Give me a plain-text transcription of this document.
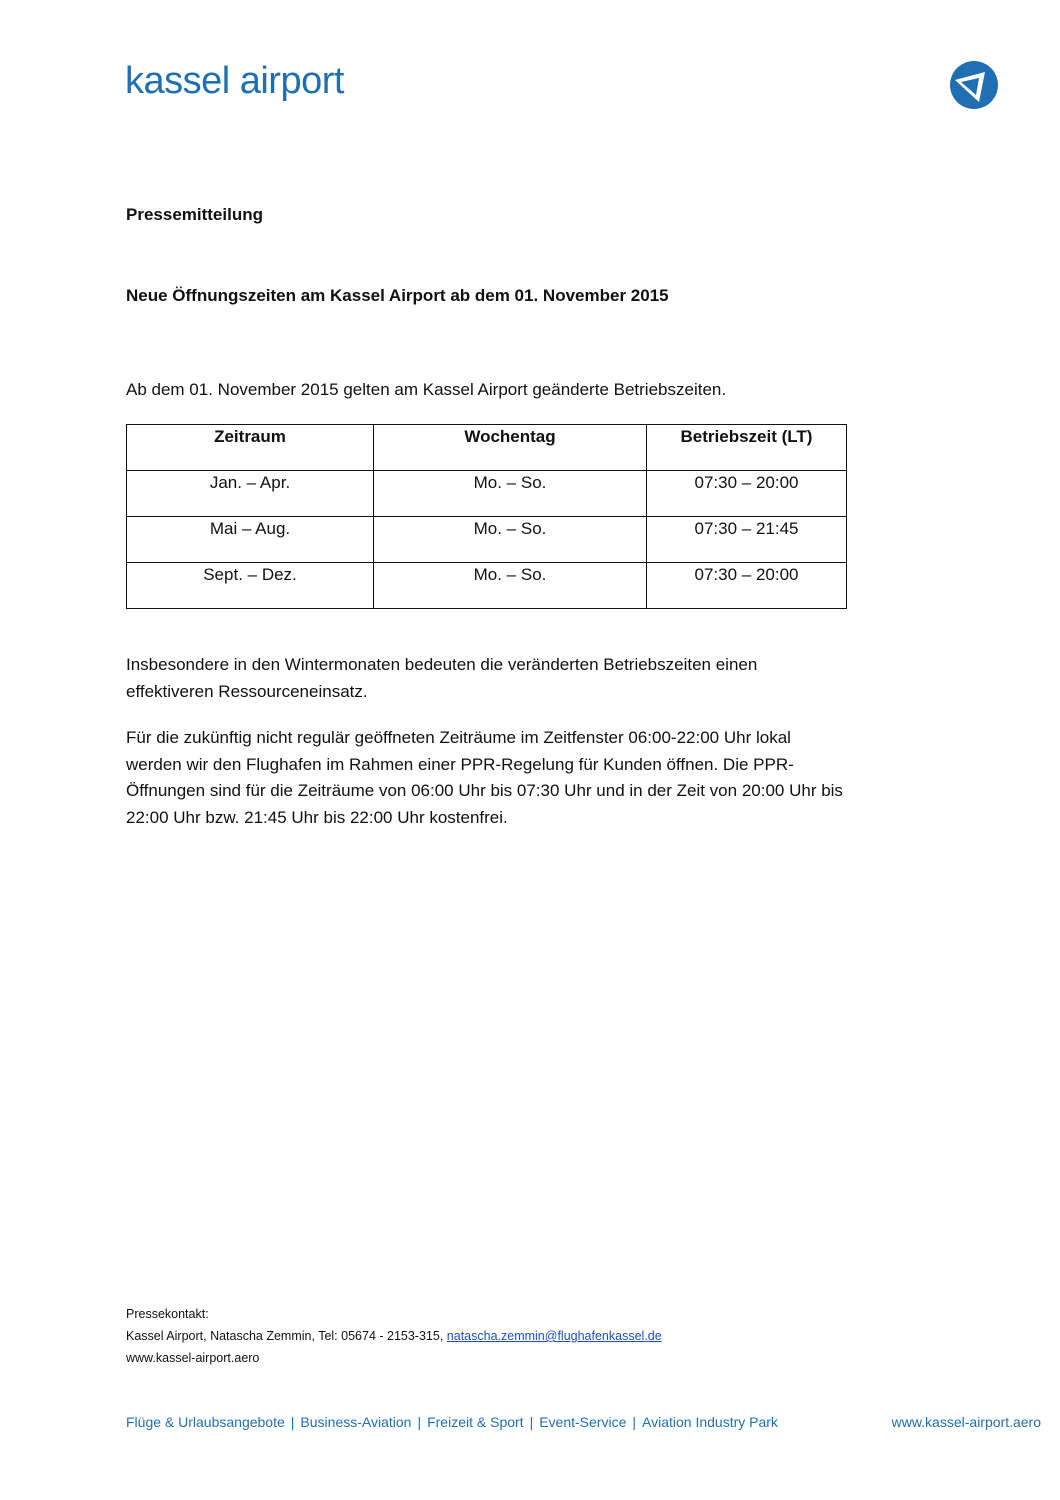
kassel airport
Pressemitteilung
Neue Öffnungszeiten am Kassel Airport ab dem 01. November 2015
Ab dem 01. November 2015 gelten am Kassel Airport geänderte Betriebszeiten.
Zeitraum	Wochentag	Betriebszeit (LT)
Jan. – Apr.	Mo. – So.	07:30 – 20:00
Mai – Aug.	Mo. – So.	07:30 – 21:45
Sept. – Dez.	Mo. – So.	07:30 – 20:00

Insbesondere in den Wintermonaten bedeuten die veränderten Betriebszeiten einen effektiveren Ressourceneinsatz.

Für die zukünftig nicht regulär geöffneten Zeiträume im Zeitfenster 06:00-22:00 Uhr lokal werden wir den Flughafen im Rahmen einer PPR-Regelung für Kunden öffnen. Die PPR-Öffnungen sind für die Zeiträume von 06:00 Uhr bis 07:30 Uhr und in der Zeit von 20:00 Uhr bis 22:00 Uhr bzw. 21:45 Uhr bis 22:00 Uhr kostenfrei.

Pressekontakt:
Kassel Airport, Natascha Zemmin, Tel: 05674 - 2153-315, natascha.zemmin@flughafenkassel.de
www.kassel-airport.aero
Flüge & Urlaubsangebote | Business-Aviation | Freizeit & Sport | Event-Service | Aviation Industry Park	www.kassel-airport.aero
